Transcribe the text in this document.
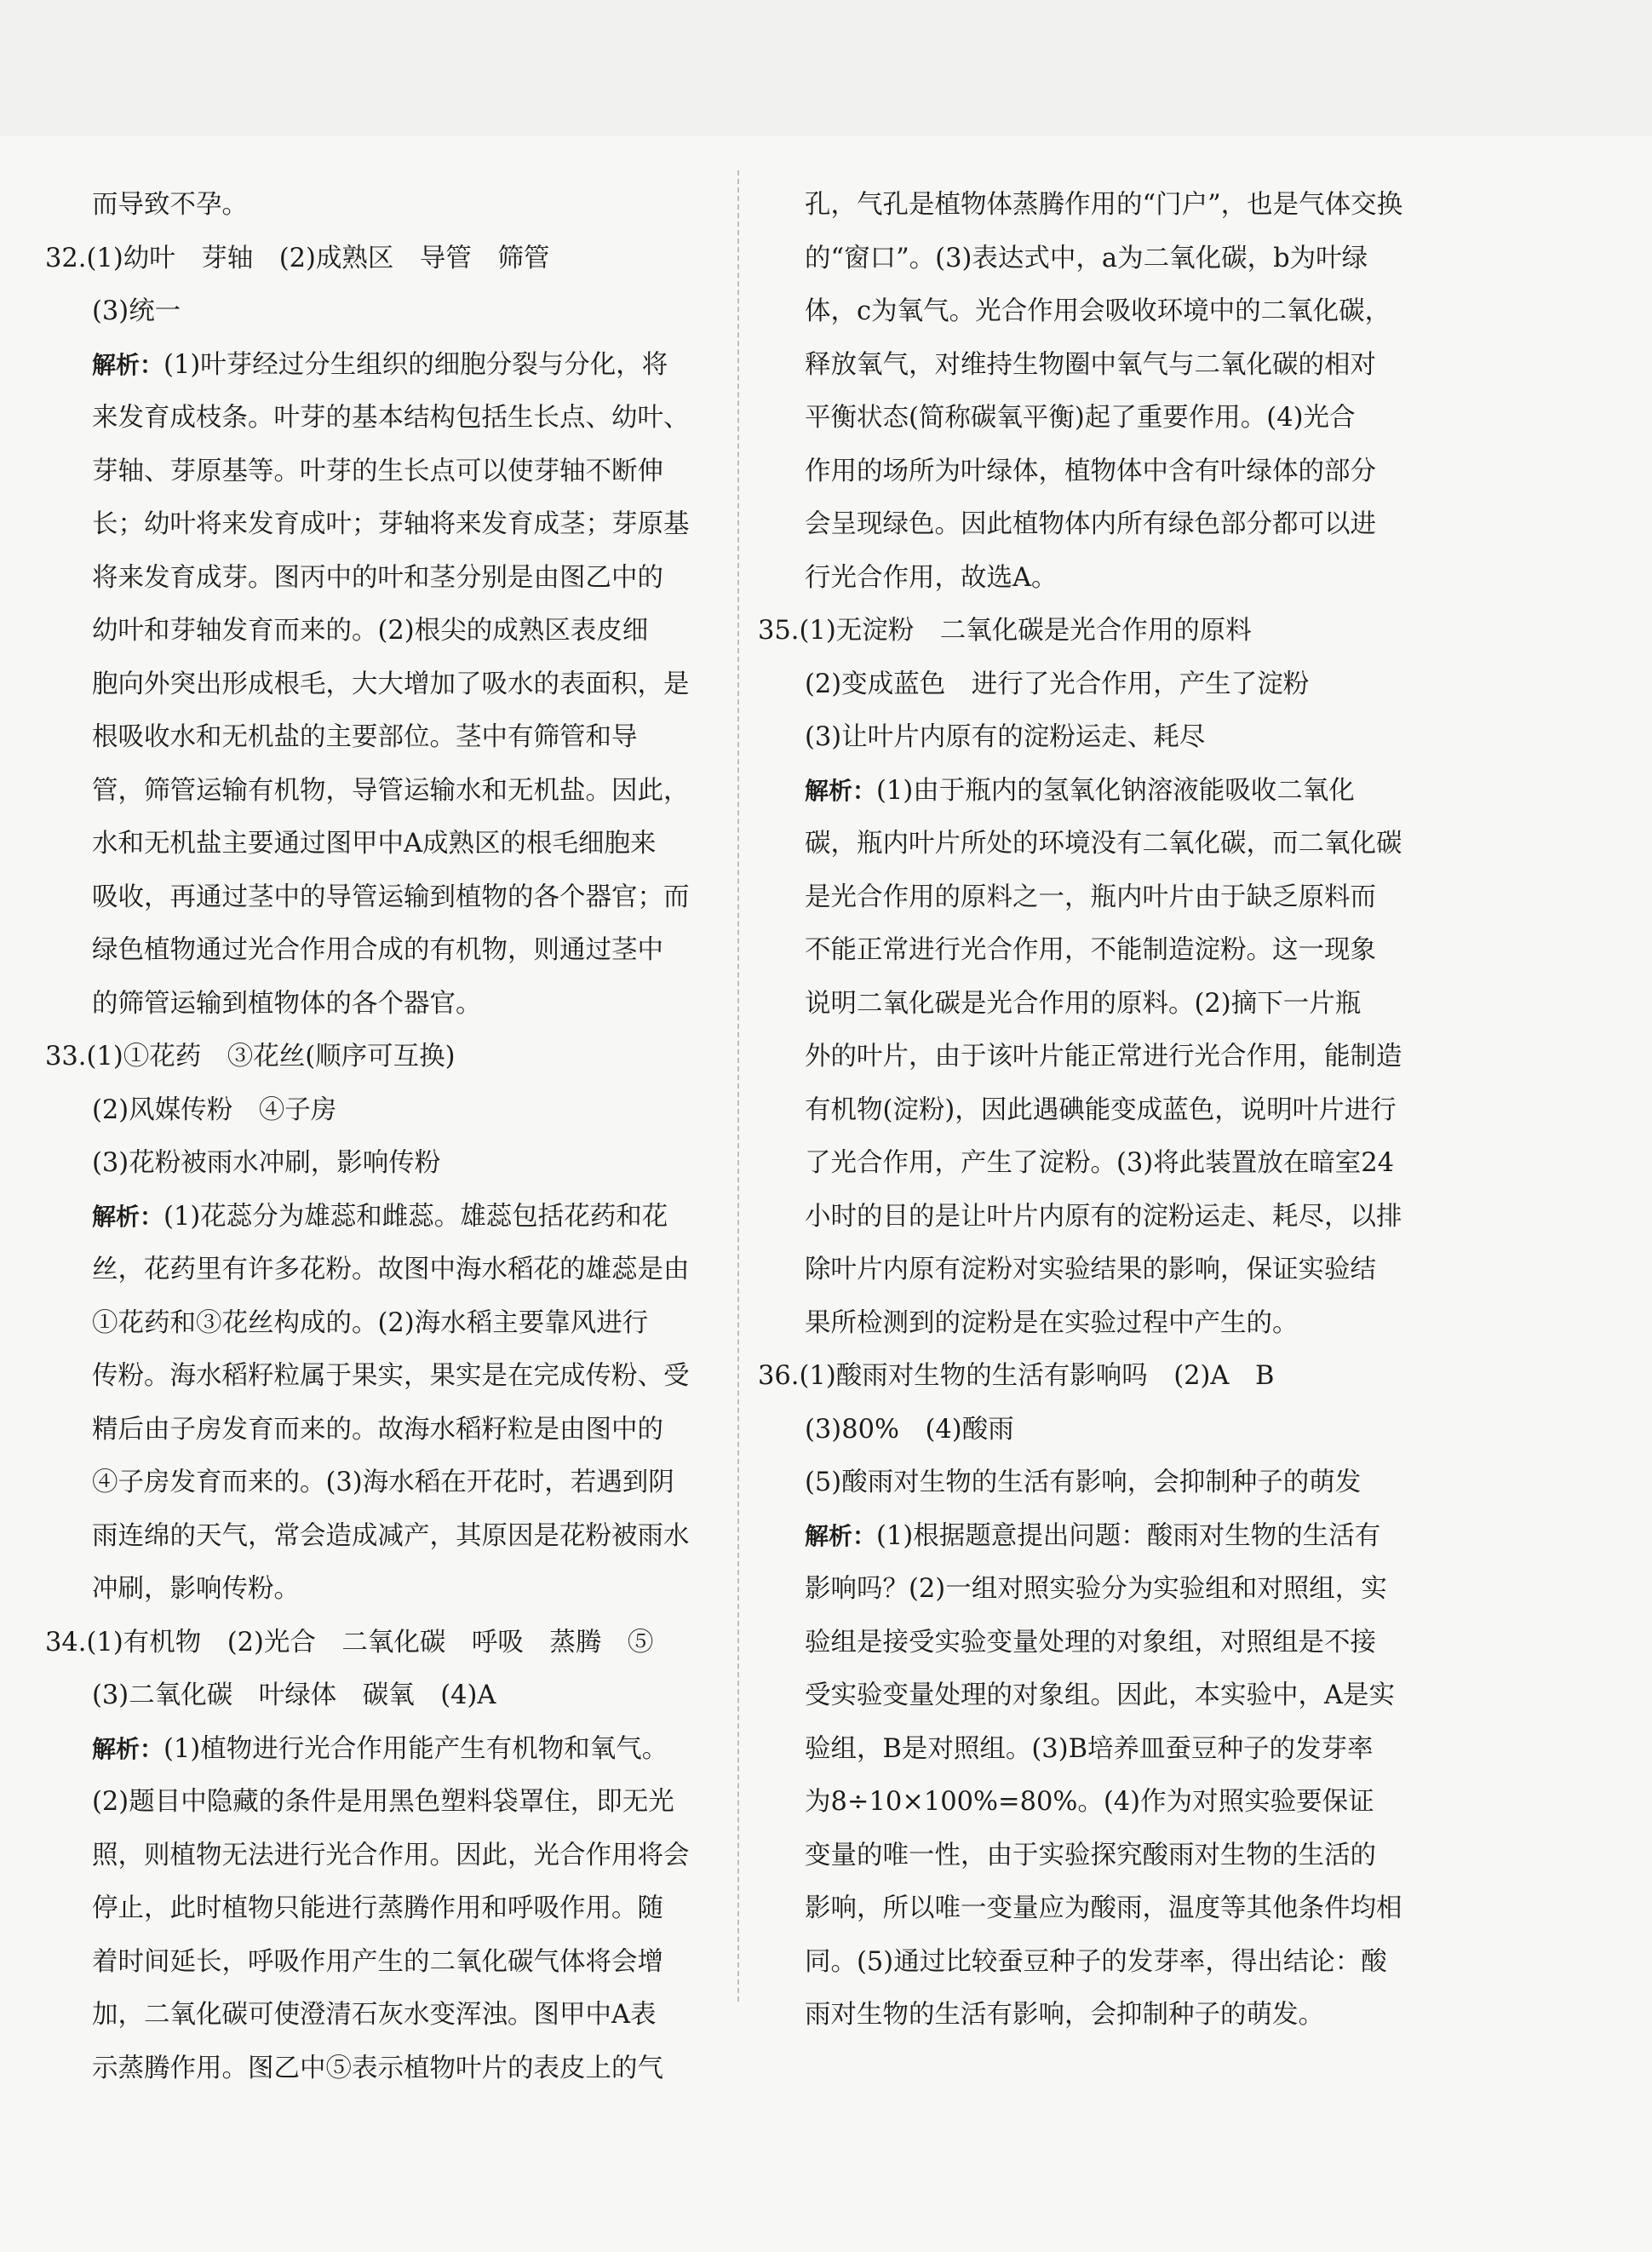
而导致不孕。
32.(1)幼叶　芽轴　(2)成熟区　导管　筛管
(3)统一
解析：(1)叶芽经过分生组织的细胞分裂与分化，将
来发育成枝条。叶芽的基本结构包括生长点、幼叶、
芽轴、芽原基等。叶芽的生长点可以使芽轴不断伸
长；幼叶将来发育成叶；芽轴将来发育成茎；芽原基
将来发育成芽。图丙中的叶和茎分别是由图乙中的
幼叶和芽轴发育而来的。(2)根尖的成熟区表皮细
胞向外突出形成根毛，大大增加了吸水的表面积，是
根吸收水和无机盐的主要部位。茎中有筛管和导
管，筛管运输有机物，导管运输水和无机盐。因此，
水和无机盐主要通过图甲中A成熟区的根毛细胞来
吸收，再通过茎中的导管运输到植物的各个器官；而
绿色植物通过光合作用合成的有机物，则通过茎中
的筛管运输到植物体的各个器官。
33.(1)①花药　③花丝(顺序可互换)
(2)风媒传粉　④子房
(3)花粉被雨水冲刷，影响传粉
解析：(1)花蕊分为雄蕊和雌蕊。雄蕊包括花药和花
丝，花药里有许多花粉。故图中海水稻花的雄蕊是由
①花药和③花丝构成的。(2)海水稻主要靠风进行
传粉。海水稻籽粒属于果实，果实是在完成传粉、受
精后由子房发育而来的。故海水稻籽粒是由图中的
④子房发育而来的。(3)海水稻在开花时，若遇到阴
雨连绵的天气，常会造成减产，其原因是花粉被雨水
冲刷，影响传粉。
34.(1)有机物　(2)光合　二氧化碳　呼吸　蒸腾　⑤
(3)二氧化碳　叶绿体　碳氧　(4)A
解析：(1)植物进行光合作用能产生有机物和氧气。
(2)题目中隐藏的条件是用黑色塑料袋罩住，即无光
照，则植物无法进行光合作用。因此，光合作用将会
停止，此时植物只能进行蒸腾作用和呼吸作用。随
着时间延长，呼吸作用产生的二氧化碳气体将会增
加，二氧化碳可使澄清石灰水变浑浊。图甲中A表
示蒸腾作用。图乙中⑤表示植物叶片的表皮上的气
孔，气孔是植物体蒸腾作用的“门户”，也是气体交换
的“窗口”。(3)表达式中，a为二氧化碳，b为叶绿
体，c为氧气。光合作用会吸收环境中的二氧化碳，
释放氧气，对维持生物圈中氧气与二氧化碳的相对
平衡状态(简称碳氧平衡)起了重要作用。(4)光合
作用的场所为叶绿体，植物体中含有叶绿体的部分
会呈现绿色。因此植物体内所有绿色部分都可以进
行光合作用，故选A。
35.(1)无淀粉　二氧化碳是光合作用的原料
(2)变成蓝色　进行了光合作用，产生了淀粉
(3)让叶片内原有的淀粉运走、耗尽
解析：(1)由于瓶内的氢氧化钠溶液能吸收二氧化
碳，瓶内叶片所处的环境没有二氧化碳，而二氧化碳
是光合作用的原料之一，瓶内叶片由于缺乏原料而
不能正常进行光合作用，不能制造淀粉。这一现象
说明二氧化碳是光合作用的原料。(2)摘下一片瓶
外的叶片，由于该叶片能正常进行光合作用，能制造
有机物(淀粉)，因此遇碘能变成蓝色，说明叶片进行
了光合作用，产生了淀粉。(3)将此装置放在暗室24
小时的目的是让叶片内原有的淀粉运走、耗尽，以排
除叶片内原有淀粉对实验结果的影响，保证实验结
果所检测到的淀粉是在实验过程中产生的。
36.(1)酸雨对生物的生活有影响吗　(2)A　B
(3)80%　(4)酸雨
(5)酸雨对生物的生活有影响，会抑制种子的萌发
解析：(1)根据题意提出问题：酸雨对生物的生活有
影响吗？(2)一组对照实验分为实验组和对照组，实
验组是接受实验变量处理的对象组，对照组是不接
受实验变量处理的对象组。因此，本实验中，A是实
验组，B是对照组。(3)B培养皿蚕豆种子的发芽率
为8÷10×100%=80%。(4)作为对照实验要保证
变量的唯一性，由于实验探究酸雨对生物的生活的
影响，所以唯一变量应为酸雨，温度等其他条件均相
同。(5)通过比较蚕豆种子的发芽率，得出结论：酸
雨对生物的生活有影响，会抑制种子的萌发。
